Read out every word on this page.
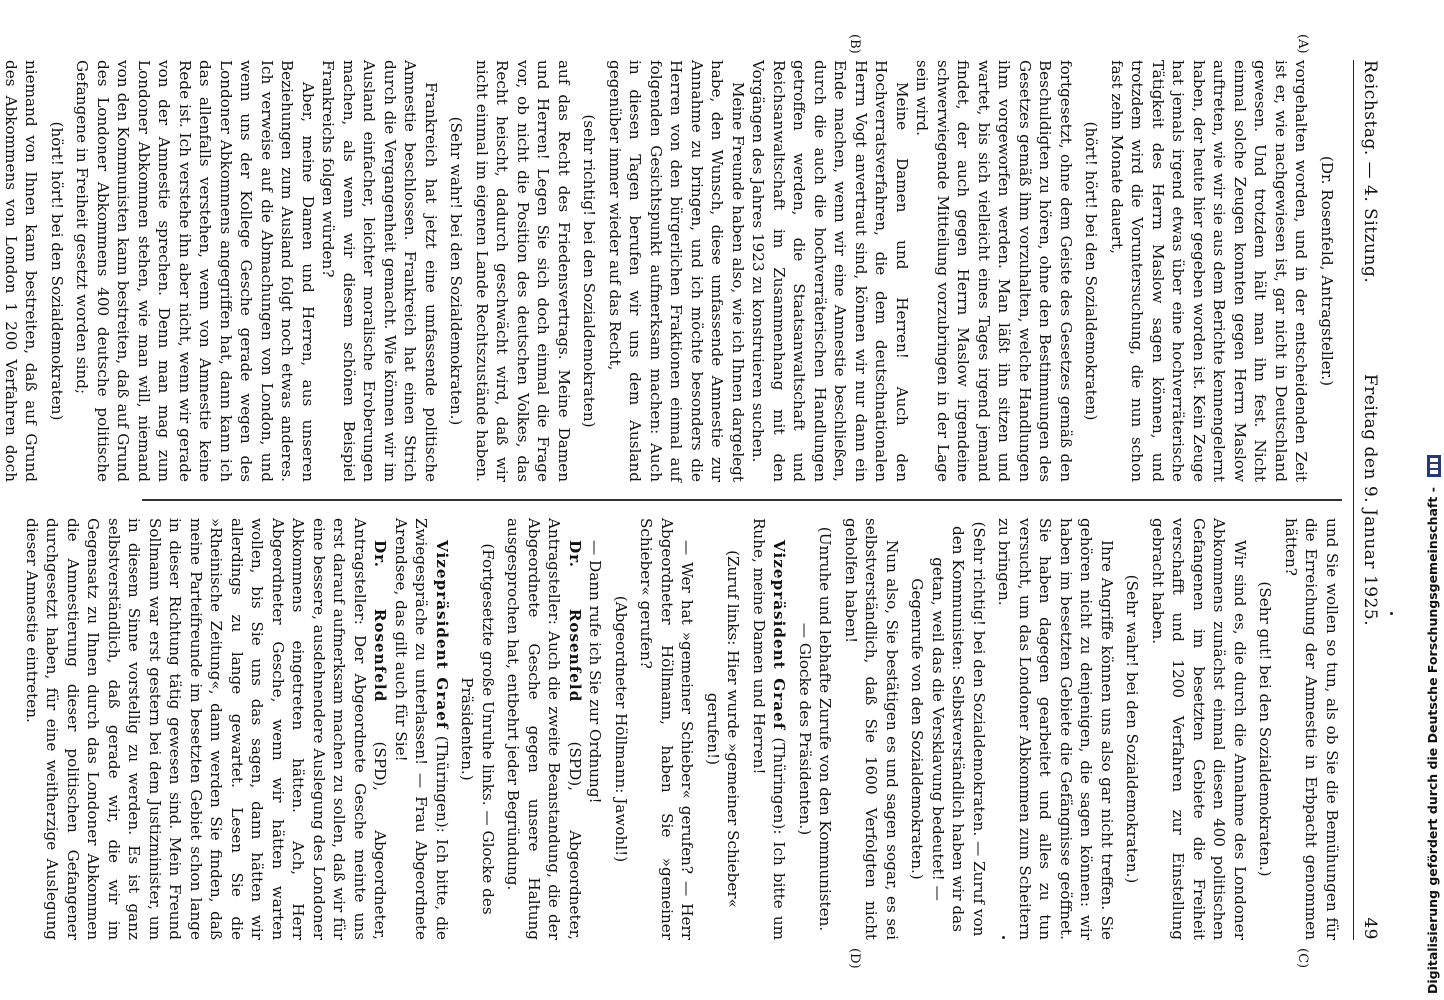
Reichstag. — 4. Sitzung.
Freitag den 9. Januar 1925.
49
(A)
(B)
(C)
(D)

(Dr. Rosenfeld, Antragsteller.)

vorgehalten worden, und in der entscheidenden Zeit ist er, wie nachgewiesen ist, gar nicht in Deutschland gewesen. Und trotzdem hält man ihn fest. Nicht einmal solche Zeugen konnten gegen Herrn Maslow auftreten, wie wir sie aus dem Berichte kennengelernt haben, der heute hier gegeben worden ist. Kein Zeuge hat jemals irgend etwas über eine hochverräterische Tätigkeit des Herrn Maslow sagen können, und trotzdem wird die Voruntersuchung, die nun schon fast zehn Monate dauert,

(hört! hört! bei den Sozialdemokraten)

fortgesetzt, ohne dem Geiste des Gesetzes gemäß den Beschuldigten zu hören, ohne den Bestimmungen des Gesetzes gemäß ihm vorzuhalten, welche Handlungen ihm vorgeworfen werden. Man läßt ihn sitzen und wartet, bis sich vielleicht eines Tages irgend jemand findet, der auch gegen Herrn Maslow irgendeine schwerwiegende Mitteilung vorzubringen in der Lage sein wird.

Meine Damen und Herren! Auch den Hochverratsverfahren, die dem deutschnationalen Herrn Vogt anvertraut sind, können wir nur dann ein Ende machen, wenn wir eine Amnestie beschließen, durch die auch die hochverräterischen Handlungen getroffen werden, die Staatsanwaltschaft und Reichsanwaltschaft im Zusammenhang mit den Vorgängen des Jahres 1923 zu konstruieren suchen.

Meine Freunde haben also, wie ich Ihnen dargelegt habe, den Wunsch, diese umfassende Amnestie zur Annahme zu bringen, und ich möchte besonders die Herren von den bürgerlichen Fraktionen einmal auf folgenden Gesichtspunkt aufmerksam machen: Auch in diesen Tagen berufen wir uns dem Ausland gegenüber immer wieder auf das Recht,

(sehr richtig! bei den Sozialdemokraten)

auf das Recht des Friedensvertrags. Meine Damen und Herren! Legen Sie sich doch einmal die Frage vor, ob nicht die Position des deutschen Volkes, das Recht heischt, dadurch geschwächt wird, daß wir nicht einmal im eigenen Lande Rechtszustände haben.

(Sehr wahr! bei den Sozialdemokraten.)

Frankreich hat jetzt eine umfassende politische Amnestie beschlossen. Frankreich hat einen Strich durch die Vergangenheit gemacht. Wie können wir im Ausland einfacher, leichter moralische Eroberungen machen, als wenn wir diesem schönen Beispiel Frankreichs folgen würden?

Aber, meine Damen und Herren, aus unseren Beziehungen zum Ausland folgt noch etwas anderes. Ich verweise auf die Abmachungen von London, und wenn uns der Kollege Gesche gerade wegen des Londoner Abkommens angegriffen hat, dann kann ich das allenfalls verstehen, wenn von Amnestie keine Rede ist. Ich verstehe ihn aber nicht, wenn wir gerade von der Amnestie sprechen. Denn man mag zum Londoner Abkommen stehen, wie man will, niemand von den Kommunisten kann bestreiten, daß auf Grund des Londoner Abkommens 400 deutsche politische Gefangene in Freiheit gesetzt worden sind;

(hört! hört! bei den Sozialdemokraten)

niemand von Ihnen kann bestreiten, daß auf Grund des Abkommens von London 1 200 Verfahren doch

und Sie wollen so tun, als ob Sie die Bemühungen für die Erreichung der Amnestie in Erbpacht genommen hätten?

(Sehr gut! bei den Sozialdemokraten.)

Wir sind es, die durch die Annahme des Londoner Abkommens zunächst einmal diesen 400 politischen Gefangenen im besetzten Gebiete die Freiheit verschafft und 1200 Verfahren zur Einstellung gebracht haben.

(Sehr wahr! bei den Sozialdemokraten.)

Ihre Angriffe können uns also gar nicht treffen. Sie gehören nicht zu denjenigen, die sagen können: wir haben im besetzten Gebiete die Gefängnisse geöffnet. Sie haben dagegen gearbeitet und alles zu tun versucht, um das Londoner Abkommen zum Scheitern zu bringen.

(Sehr richtig! bei den Sozialdemokraten. — Zuruf von den Kommunisten: Selbstverständlich haben wir das getan, weil das die Versklavung bedeutet! — Gegenrufe von den Sozialdemokraten.)

Nun also, Sie bestätigen es und sagen sogar, es sei selbstverständlich, daß Sie 1600 Verfolgten nicht geholfen haben!

(Unruhe und lebhafte Zurufe von den Kommunisten. — Glocke des Präsidenten.)

Vizepräsident Graef (Thüringen): Ich bitte um Ruhe, meine Damen und Herren!

(Zuruf links: Hier wurde »gemeiner Schieber« gerufen!)

— Wer hat »gemeiner Schieber« gerufen? — Herr Abgeordneter Höllmann, haben Sie »gemeiner Schieber« gerufen?

(Abgeordneter Höllmann: Jawohl!)

— Dann rufe ich Sie zur Ordnung!

Dr. Rosenfeld (SPD), Abgeordneter, Antragsteller: Auch die zweite Beanstandung, die der Abgeordnete Gesche gegen unsere Haltung ausgesprochen hat, entbehrt jeder Begründung.

(Fortgesetzte große Unruhe links. — Glocke des Präsidenten.)

Vizepräsident Graef (Thüringen): Ich bitte, die Zwiegespräche zu unterlassen! — Frau Abgeordnete Arendsee, das gilt auch für Sie!

Dr. Rosenfeld (SPD), Abgeordneter, Antragsteller: Der Abgeordnete Gesche meinte uns erst darauf aufmerksam machen zu sollen, daß wir für eine bessere, ausdehnendere Auslegung des Londoner Abkommens eingetreten hätten. Ach, Herr Abgeordneter Gesche, wenn wir hätten warten wollen, bis Sie uns das sagen, dann hätten wir allerdings zu lange gewartet. Lesen Sie die »Rheinische Zeitung«, dann werden Sie finden, daß meine Parteifreunde im besetzten Gebiet schon lange in dieser Richtung tätig gewesen sind. Mein Freund Sollmann war erst gestern bei dem Justizminister, um in diesem Sinne vorstellig zu werden. Es ist ganz selbstverständlich, daß gerade wir, die wir im Gegensatz zu Ihnen durch das Londoner Abkommen die Amnestierung dieser politischen Gefangener durchgesetzt haben, für eine weitherzige Auslegung dieser Amnestie eintreten.	Digitalisierung gefördert durch die Deutsche Forschungsgemeinschaft -
